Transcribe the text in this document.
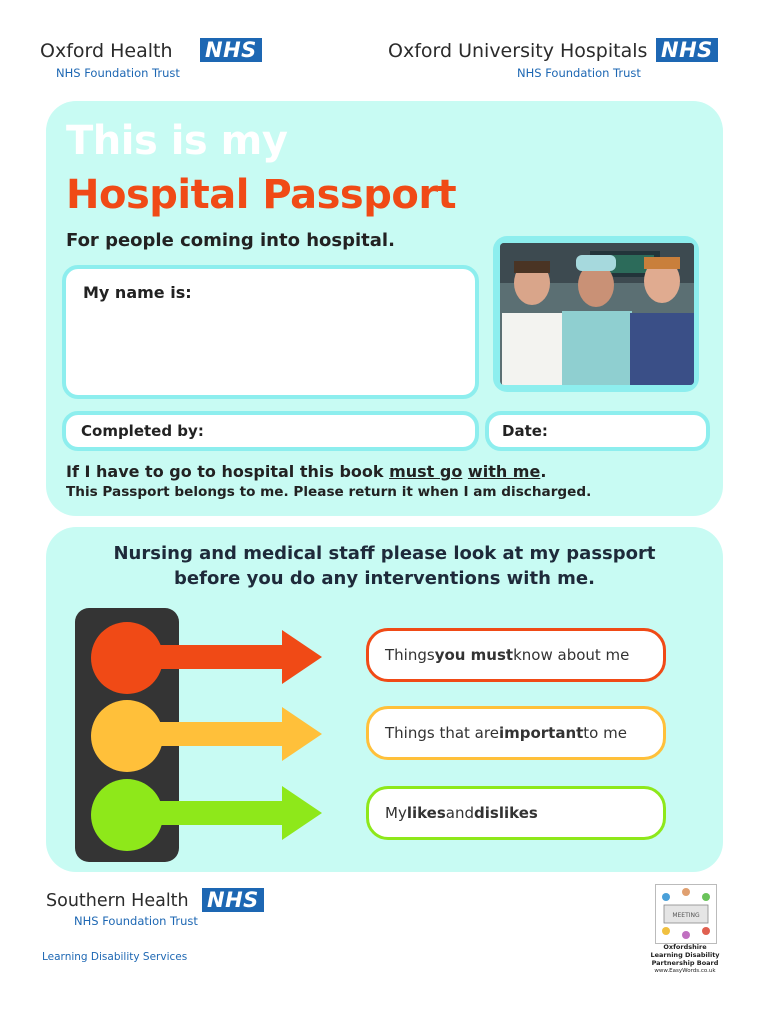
Oxford Health NHS
NHS Foundation Trust
Oxford University Hospitals NHS
NHS Foundation Trust
This is my
Hospital Passport
For people coming into hospital.
My name is:
Completed by:	Date:
If I have to go to hospital this book must go with me.
This Passport belongs to me. Please return it when I am discharged.
Nursing and medical staff please look at my passport
before you do any interventions with me.
Things you must know about me
Things that are important to me
My likes and dislikes
Southern Health NHS
NHS Foundation Trust
Learning Disability Services
MEETING
Oxfordshire
Learning Disability
Partnership Board
www.EasyWords.co.uk
